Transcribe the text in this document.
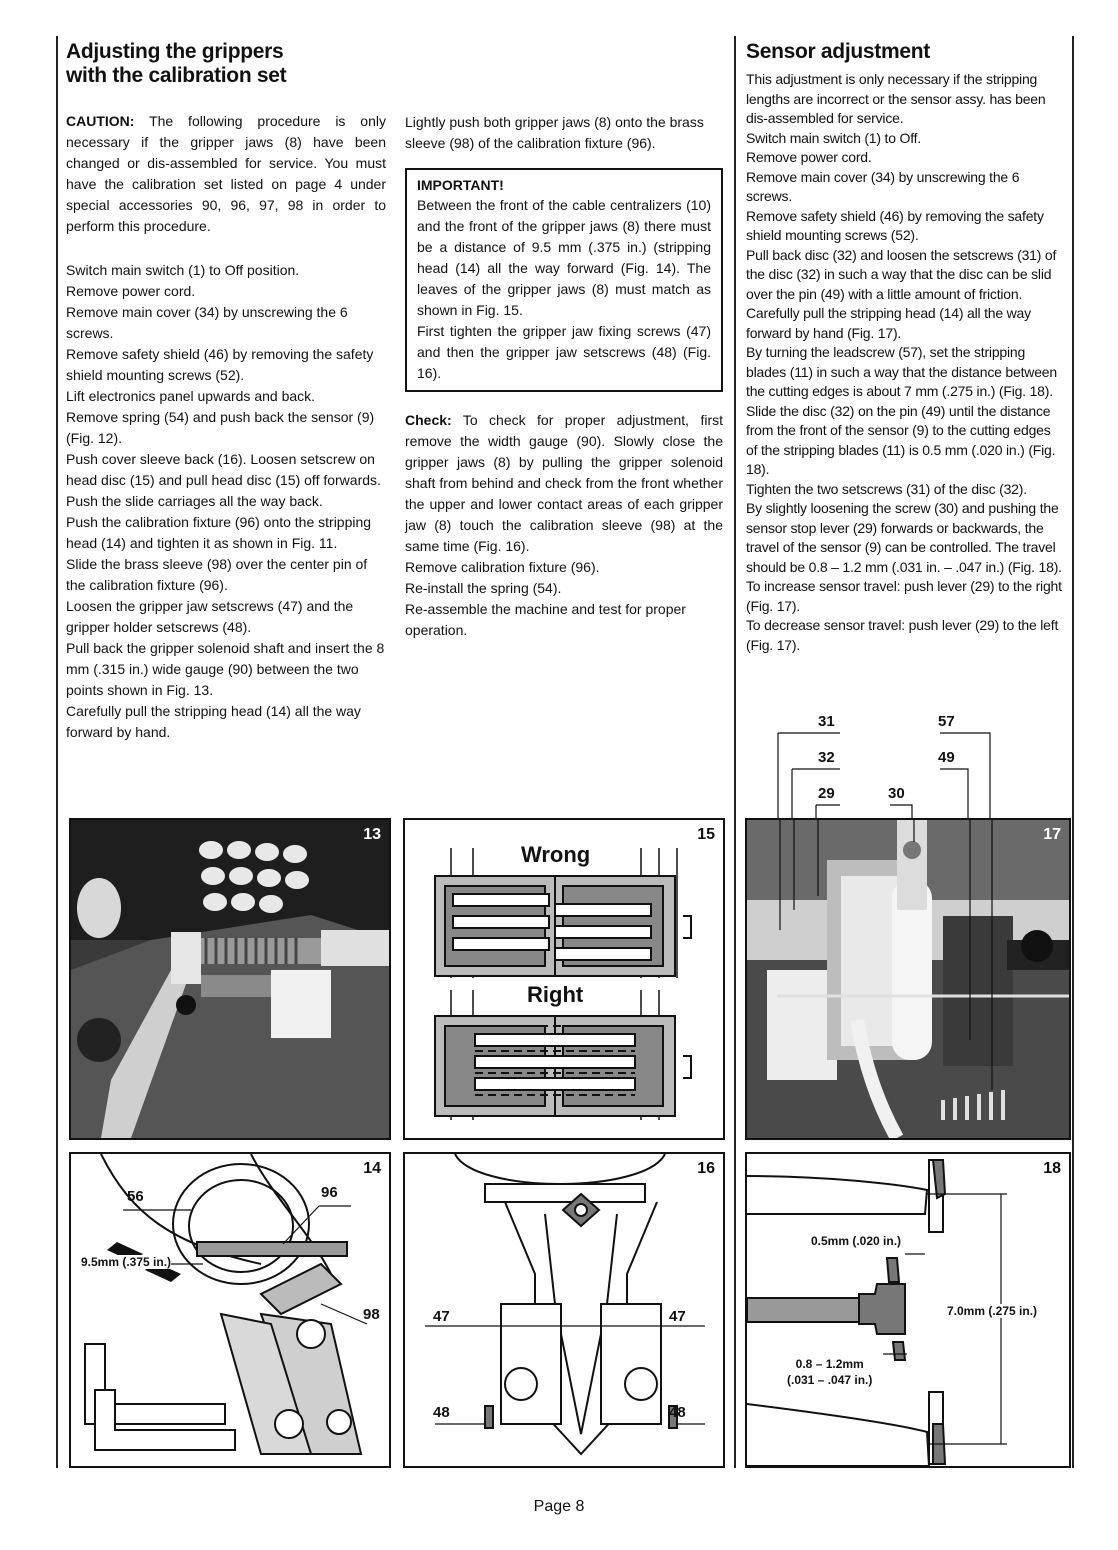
Adjusting the grippers
with the calibration set
CAUTION: The following procedure is only necessary if the gripper jaws (8) have been changed or dis-assembled for service. You must have the calibration set listed on page 4 under special accessories 90, 96, 97, 98 in order to perform this procedure.

Switch main switch (1) to Off position.

Remove power cord.

Remove main cover (34) by unscrewing the 6 screws.

Remove safety shield (46) by removing the safety shield mounting screws (52).

Lift electronics panel upwards and back.

Remove spring (54) and push back the sensor (9) (Fig. 12).

Push cover sleeve back (16). Loosen setscrew on head disc (15) and pull head disc (15) off forwards.

Push the slide carriages all the way back.

Push the calibration fixture (96) onto the stripping head (14) and tighten it as shown in Fig. 11.

Slide the brass sleeve (98) over the center pin of the calibration fixture (96).

Loosen the gripper jaw setscrews (47) and the gripper holder setscrews (48).

Pull back the gripper solenoid shaft and insert the 8 mm (.315 in.) wide gauge (90) between the two points shown in Fig. 13.

Carefully pull the stripping head (14) all the way forward by hand.

Lightly push both gripper jaws (8) onto the brass sleeve (98) of the calibration fixture (96).
IMPORTANT!
Between the front of the cable centralizers (10) and the front of the gripper jaws (8) there must be a distance of 9.5 mm (.375 in.) (stripping head (14) all the way forward (Fig. 14). The leaves of the gripper jaws (8) must match as shown in Fig. 15.
First tighten the gripper jaw fixing screws (47) and then the gripper jaw setscrews (48) (Fig. 16).
Check: To check for proper adjustment, first remove the width gauge (90). Slowly close the gripper jaws (8) by pulling the gripper solenoid shaft from behind and check from the front whether the upper and lower contact areas of each gripper jaw (8) touch the calibration sleeve (98) at the same time (Fig. 16).

Remove calibration fixture (96).

Re-install the spring (54).

Re-assemble the machine and test for proper operation.

Sensor adjustment

This adjustment is only necessary if the stripping lengths are incorrect or the sensor assy. has been dis-assembled for service.

Switch main switch (1) to Off.

Remove power cord.

Remove main cover (34) by unscrewing the 6 screws.

Remove safety shield (46) by removing the safety shield mounting screws (52).

Pull back disc (32) and loosen the setscrews (31) of the disc (32) in such a way that the disc can be slid over the pin (49) with a little amount of friction.

Carefully pull the stripping head (14) all the way forward by hand (Fig. 17).

By turning the leadscrew (57), set the stripping blades (11) in such a way that the distance between the cutting edges is about 7 mm (.275 in.) (Fig. 18).

Slide the disc (32) on the pin (49) until the distance from the front of the sensor (9) to the cutting edges of the stripping blades (11) is 0.5 mm (.020 in.) (Fig. 18).

Tighten the two setscrews (31) of the disc (32).

By slightly loosening the screw (30) and pushing the sensor stop lever (29) forwards or backwards, the travel of the sensor (9) can be controlled. The travel should be 0.8 – 1.2 mm (.031 in. – .047 in.) (Fig. 18).

To increase sensor travel: push lever (29) to the right (Fig. 17).

To decrease sensor travel: push lever (29) to the left (Fig. 17).

31	57
32	49
29	30
13
Wrong
Right
15	17
56	96
98
9.5mm (.375 in.)
14
47	47
48	48
16
0.5mm (.020 in.)
7.0mm (.275 in.)
0.8 – 1.2mm
(.031 – .047 in.)
18
Page 8
